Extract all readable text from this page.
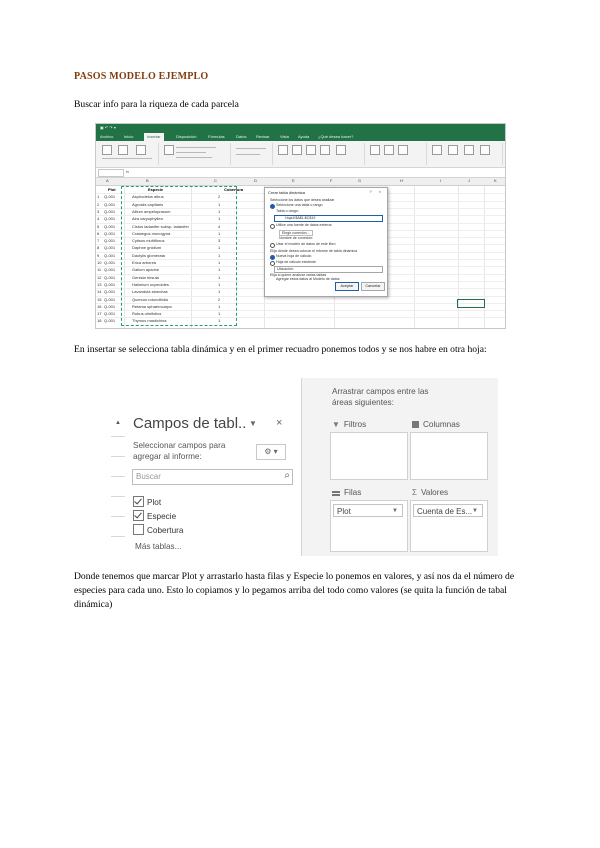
PASOS MODELO EJEMPLO
Buscar info para la riqueza de cada parcela
▣ ↶ ↷ ▾
Archivo	Inicio	Insertar	Disposición	Fórmulas	Datos Revisar	Vista Ayuda ¿Qué desea hacer?
fx
A	B	C	D	E	F	G	H	I	J	K
Plot	Especie	Cobertura
1 Q-001	Asphodelus albus	2
2 Q-001	Agrostis capillaris	1
3 Q-001	Allium ampeloprasum	1
4 Q-001	Aira caryophyllea	1
5 Q-001	Cistus ladanifer subsp. ladanifer	4
6 Q-001	Crataegus monogyna	1
7 Q-001	Cytisus multiflorus	3
8 Q-001	Daphne gnidium	1
9 Q-001	Dactylis glomerata	1
10 Q-001	Erica arborea	1
11 Q-001	Galium aparine	1
12 Q-001	Genista hirsuta	1
13 Q-001	Halimium ocymoides	1
14 Q-001	Lavandula stoechas	1
15 Q-001	Quercus rotundifolia	2
16 Q-001	Retama sphaerocarpa	1
17 Q-001	Rubus ulmifolius	1
18 Q-001	Thymus mastichina	1
Crear tabla dinámica	? ×
Seleccione los datos que desea analizar
Seleccione una tabla o rango
Tabla o rango:
Hoja1!$A$1:$C$19
Utilice una fuente de datos externa
Elegir conexión...
Nombre de conexión:
Usar el modelo de datos de este libro
Elija dónde desea colocar el informe de tabla dinámica
Nueva hoja de cálculo
Hoja de cálculo existente
Ubicación:
Elija si quiere analizar varias tablas
Agregar estos datos al Modelo de datos
Aceptar	Cancelar
En insertar se selecciona tabla dinámica y en el primer recuadro ponemos todos y se nos habre en otra hoja:
▲ Campos de tabl.. ▼ ×
Seleccionar campos para agregar al informe:
⚙ ▾
Buscar	⌕
Plot
Especie
Cobertura
Más tablas...
Arrastrar campos entre las áreas siguientes:
▼ Filtros	Columnas
Filas
Plot	▼
Σ Valores
Cuenta de Es... ▼
Donde tenemos que marcar Plot y arrastarlo hasta filas y Especie lo ponemos en valores, y así nos da el número de especies para cada uno. Esto lo copiamos y lo pegamos arriba del todo como valores (se quita la función de tabal dinámica)
